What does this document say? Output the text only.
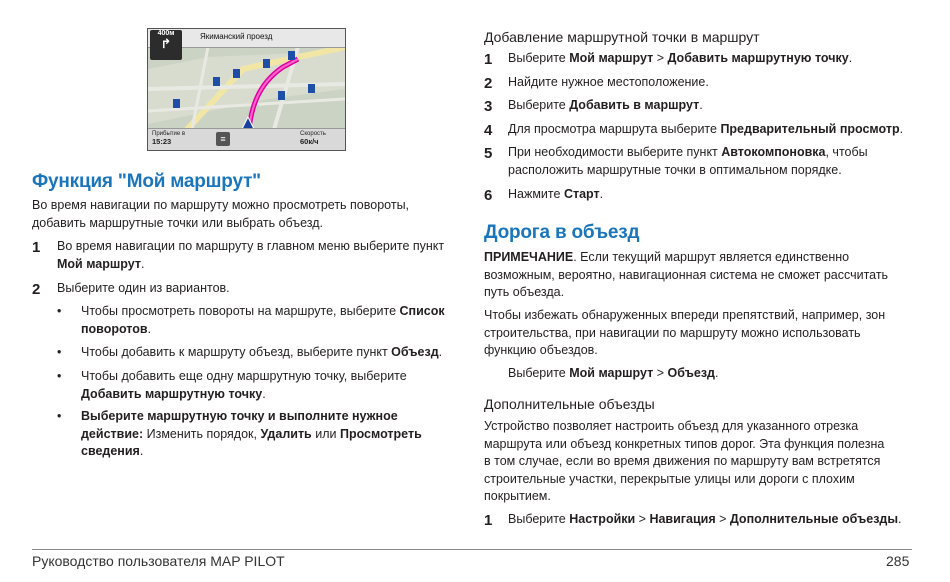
Якиманский проезд
400м
↱
Прибытие в
15:23	≡	Скорость
60к/ч
Функция "Мой маршрут"

Во время навигации по маршруту можно просмотреть повороты, добавить маршрутные точки или выбрать объезд.

1 Во время навигации по маршруту в главном меню выберите пункт Мой маршрут.
2 Выберите один из вариантов.
• Чтобы просмотреть повороты на маршруте, выберите Список поворотов.
• Чтобы добавить к маршруту объезд, выберите пункт Объезд.
• Чтобы добавить еще одну маршрутную точку, выберите Добавить маршрутную точку.
• Выберите маршрутную точку и выполните нужное действие: Изменить порядок, Удалить или Просмотреть сведения.
Добавление маршрутной точки в маршрут
1 Выберите Мой маршрут > Добавить маршрутную точку.
2 Найдите нужное местоположение.
3 Выберите Добавить в маршрут.
4 Для просмотра маршрута выберите Предварительный просмотр.
5 При необходимости выберите пункт Автокомпоновка, чтобы расположить маршрутные точки в оптимальном порядке.
6 Нажмите Старт.
Дорога в объезд

ПРИМЕЧАНИЕ. Если текущий маршрут является единственно возможным, вероятно, навигационная система не сможет рассчитать путь объезда.

Чтобы избежать обнаруженных впереди препятствий, например, зон строительства, при навигации по маршруту можно использовать функцию объездов.

Выберите Мой маршрут > Объезд.
Дополнительные объезды

Устройство позволяет настроить объезд для указанного отрезка маршрута или объезд конкретных типов дорог. Эта функция полезна в том случае, если во время движения по маршруту вам встретятся строительные участки, перекрытые улицы или дороги с плохим покрытием.

1 Выберите Настройки > Навигация > Дополнительные объезды.
Руководство пользователя MAP PILOT	285
